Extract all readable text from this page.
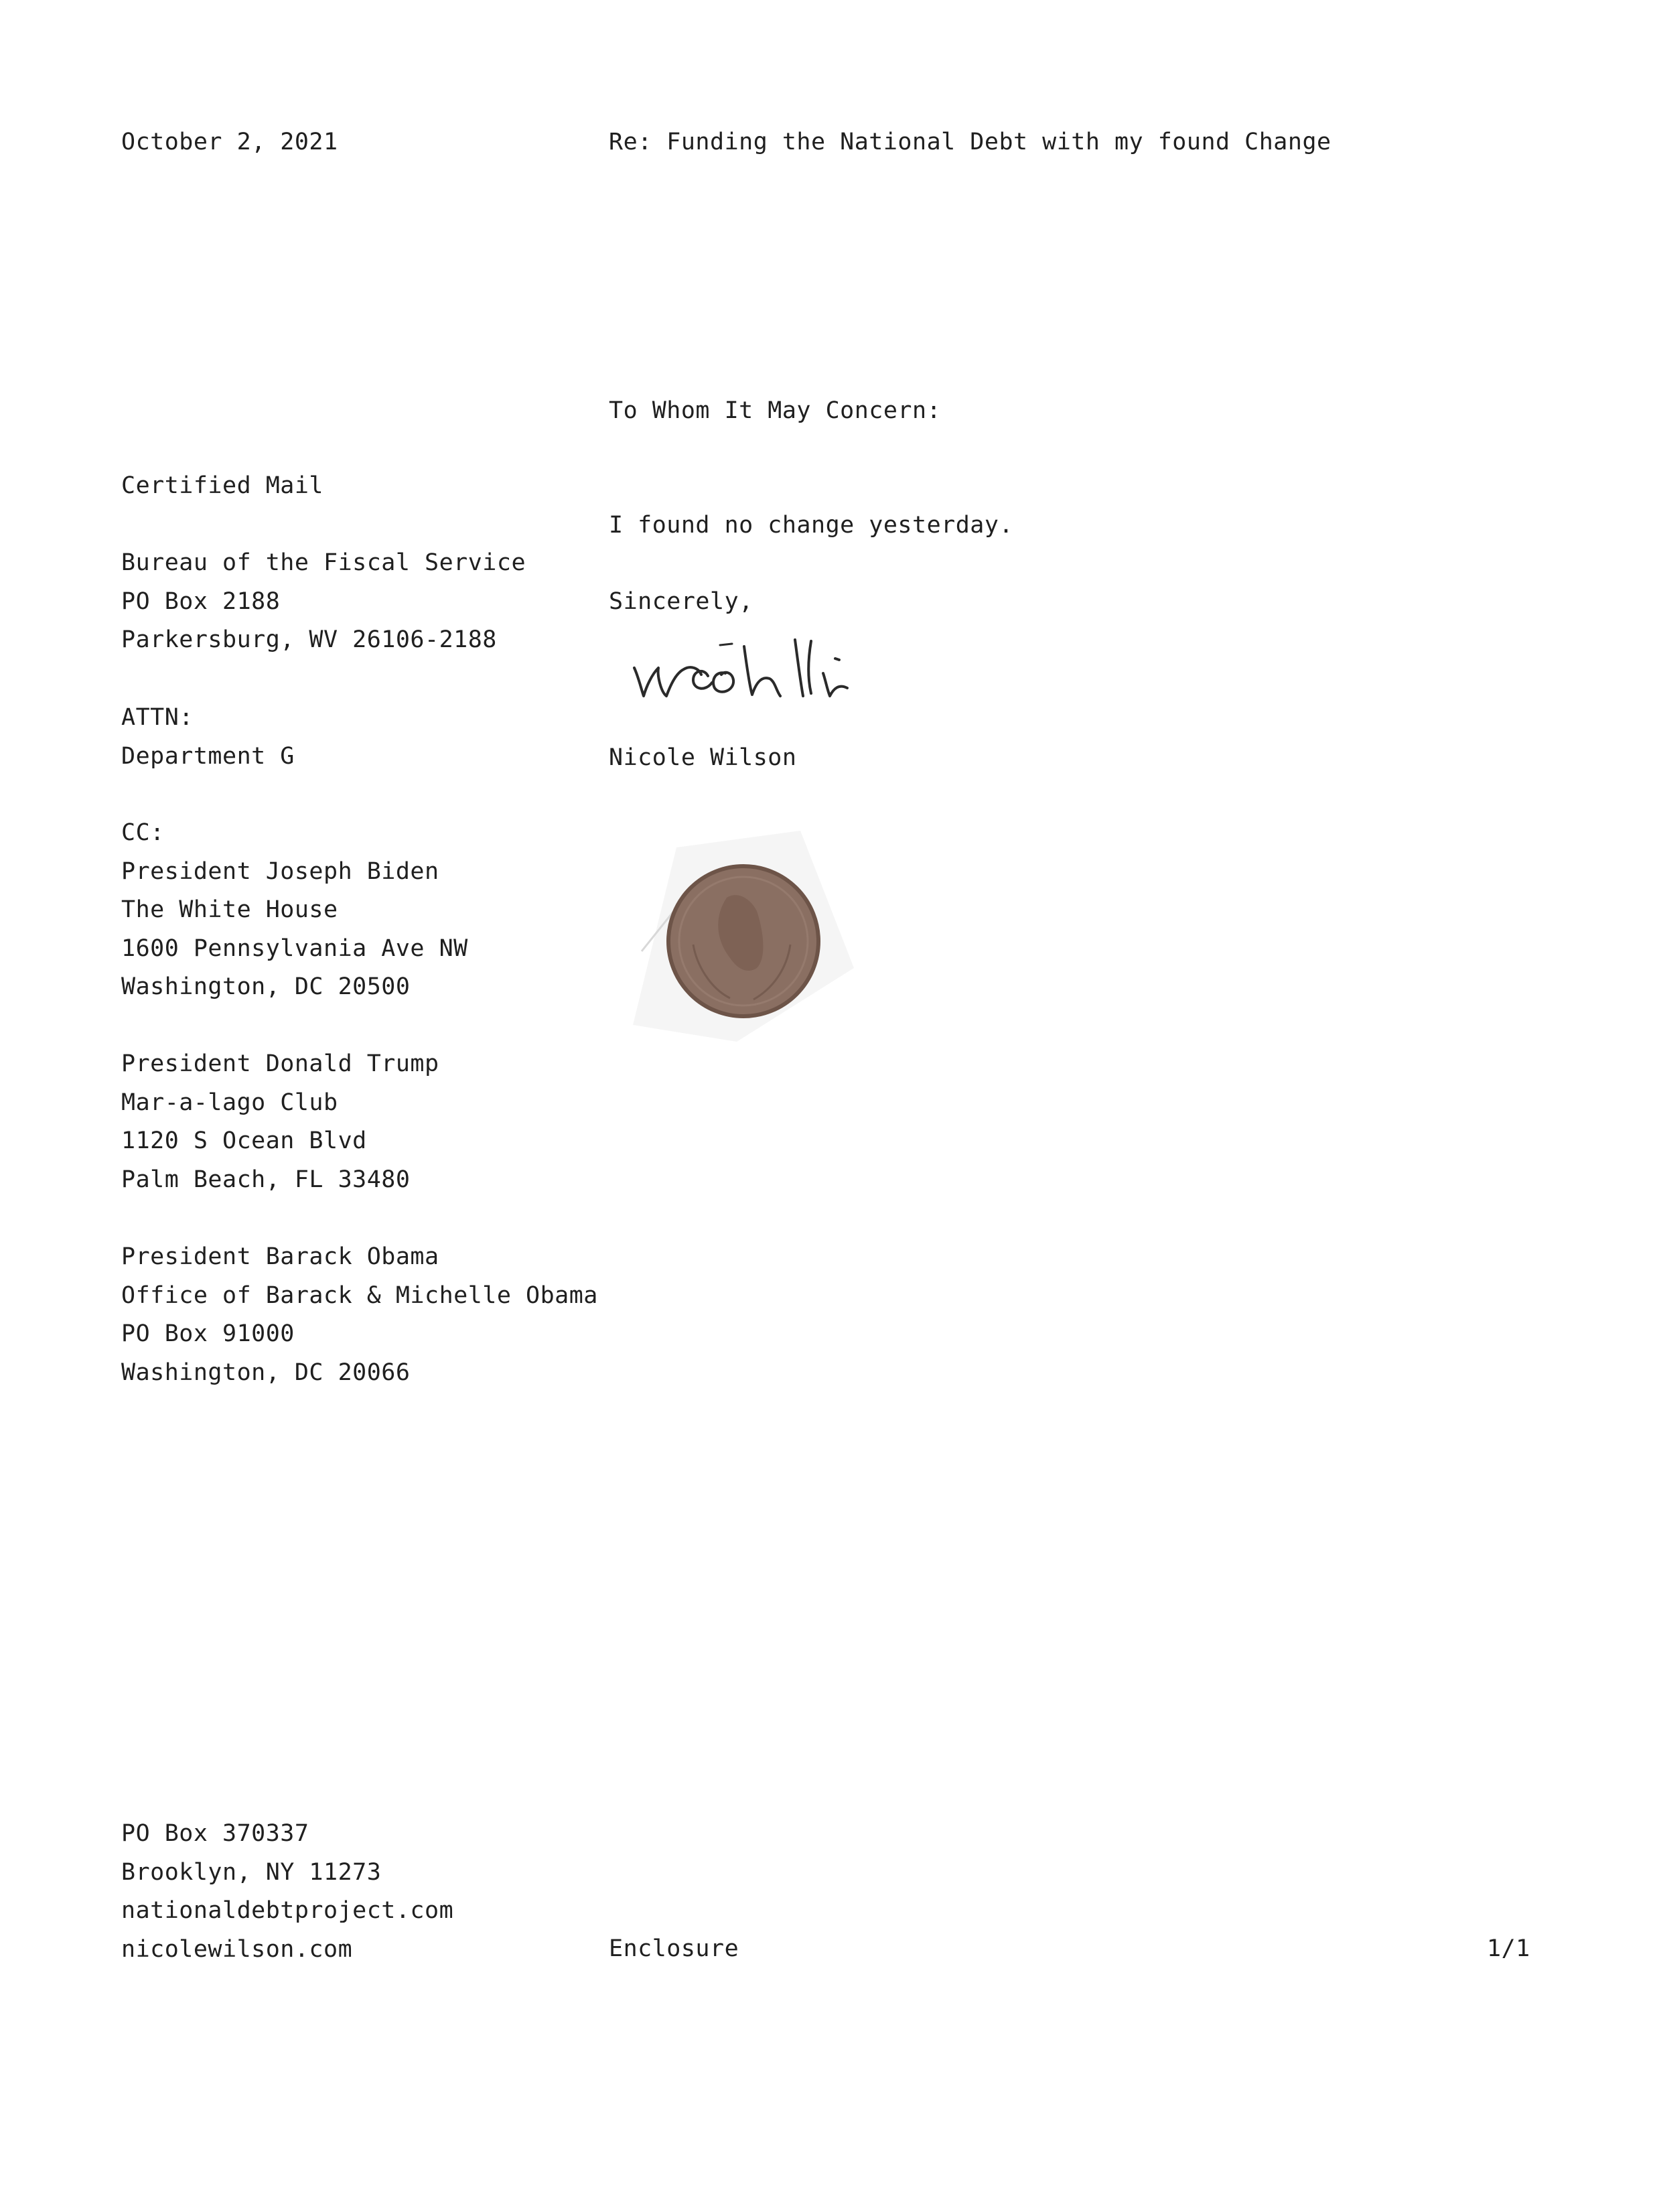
October 2, 2021	Re: Funding the National Debt with my found Change
To Whom It May Concern:
Certified Mail
Bureau of the Fiscal Service
PO Box 2188
Parkersburg, WV 26106-2188
ATTN:
Department G
CC:
President Joseph Biden
The White House
1600 Pennsylvania Ave NW
Washington, DC 20500
President Donald Trump
Mar-a-lago Club
1120 S Ocean Blvd
Palm Beach, FL 33480
President Barack Obama
Office of Barack & Michelle Obama
PO Box 91000
Washington, DC 20066
I found no change yesterday.
Sincerely,
Nicole Wilson
PO Box 370337
Brooklyn, NY 11273
nationaldebtproject.com
nicolewilson.com	Enclosure	1/1
